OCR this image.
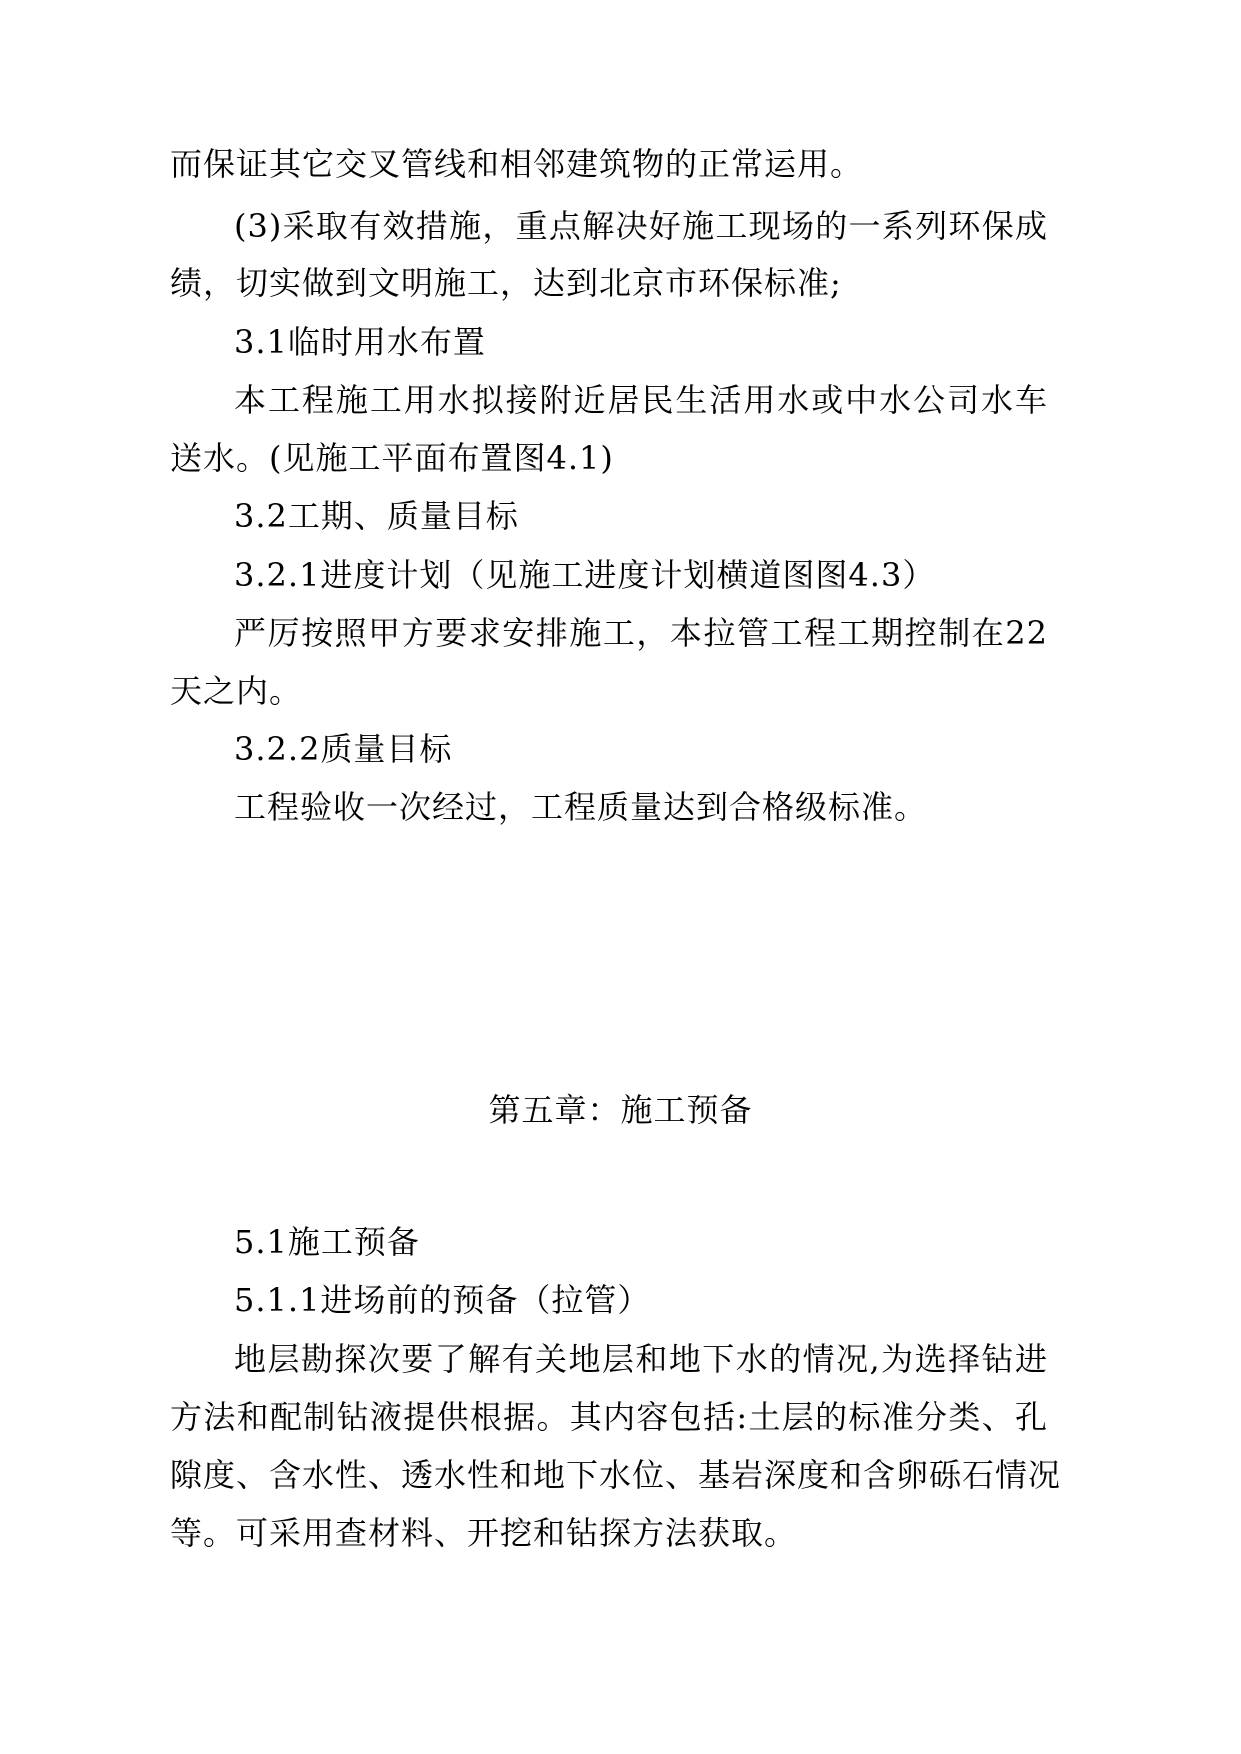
而保证其它交叉管线和相邻建筑物的正常运用。
(3)采取有效措施，重点解决好施工现场的一系列环保成
绩，切实做到文明施工，达到北京市环保标准;
3.1临时用水布置
本工程施工用水拟接附近居民生活用水或中水公司水车
送水。(见施工平面布置图4.1)
3.2工期、质量目标
3.2.1进度计划（见施工进度计划横道图图4.3）
严厉按照甲方要求安排施工，本拉管工程工期控制在22
天之内。
3.2.2质量目标
工程验收一次经过，工程质量达到合格级标准。
第五章：施工预备
5.1施工预备
5.1.1进场前的预备（拉管）
地层勘探次要了解有关地层和地下水的情况,为选择钻进
方法和配制钻液提供根据。其内容包括:土层的标准分类、孔
隙度、含水性、透水性和地下水位、基岩深度和含卵砾石情况
等。可采用查材料、开挖和钻探方法获取。
